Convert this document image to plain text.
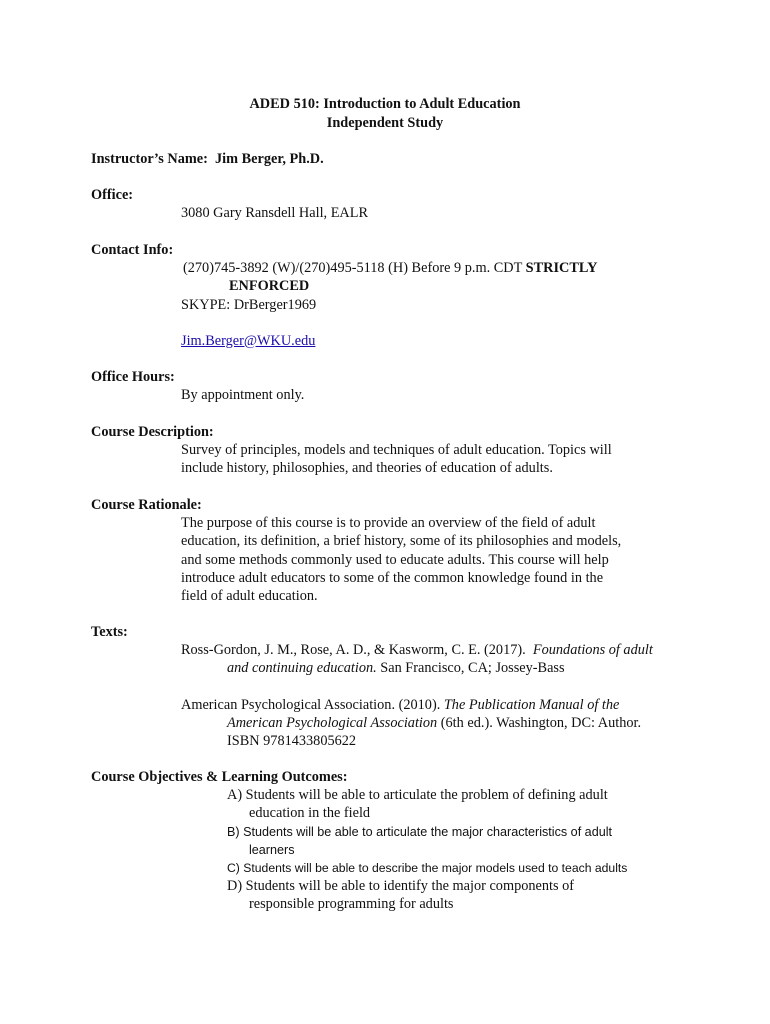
ADED 510: Introduction to Adult Education
Independent Study
Instructor’s Name: Jim Berger, Ph.D.
Office:
3080 Gary Ransdell Hall, EALR
Contact Info:
(270)745-3892 (W)/(270)495-5118 (H) Before 9 p.m. CDT STRICTLY
ENFORCED
SKYPE: DrBerger1969
Jim.Berger@WKU.edu
Office Hours:
By appointment only.
Course Description:
Survey of principles, models and techniques of adult education. Topics will
include history, philosophies, and theories of education of adults.
Course Rationale:
The purpose of this course is to provide an overview of the field of adult
education, its definition, a brief history, some of its philosophies and models,
and some methods commonly used to educate adults. This course will help
introduce adult educators to some of the common knowledge found in the
field of adult education.
Texts:
Ross-Gordon, J. M., Rose, A. D., & Kasworm, C. E. (2017). Foundations of adult
and continuing education. San Francisco, CA; Jossey-Bass
American Psychological Association. (2010). The Publication Manual of the
American Psychological Association (6th ed.). Washington, DC: Author.
ISBN 9781433805622
Course Objectives & Learning Outcomes:
A) Students will be able to articulate the problem of defining adult
education in the field
B) Students will be able to articulate the major characteristics of adult
learners
C) Students will be able to describe the major models used to teach adults
D) Students will be able to identify the major components of
responsible programming for adults
